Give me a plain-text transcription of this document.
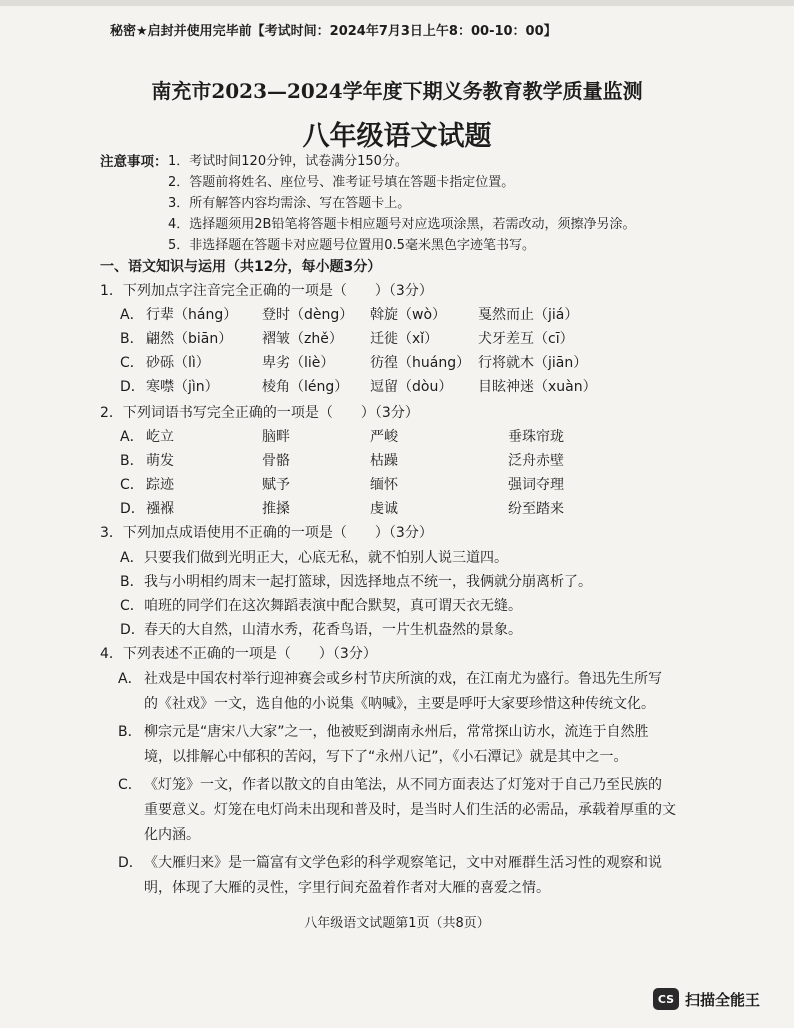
秘密★启封并使用完毕前【考试时间：2024年7月3日上午8：00-10：00】
南充市2023—2024学年度下期义务教育教学质量监测
八年级语文试题
注意事项： 1．考试时间120分钟，试卷满分150分。
2．答题前将姓名、座位号、准考证号填在答题卡指定位置。
3．所有解答内容均需涂、写在答题卡上。
4．选择题须用2B铅笔将答题卡相应题号对应选项涂黑，若需改动，须擦净另涂。
5．非选择题在答题卡对应题号位置用0.5毫米黑色字迹笔书写。
一、语文知识与运用（共12分，每小题3分）
1．下列加点字注音完全正确的一项是（　　）（3分）
A． 行辈（háng） 登时（dèng） 斡旋（wò） 戛然而止（jiá）
B． 翩然（biān） 褶皱（zhě） 迁徙（xǐ）	犬牙差互（cī）
C． 砂砾（lì）	卑劣（liè）	彷徨（huáng） 行将就木（jiān）
D． 寒噤（jìn）	棱角（léng） 逗留（dòu） 目眩神迷（xuàn）
2．下列词语书写完全正确的一项是（　　）（3分）
A． 屹立	脑畔	严峻	垂珠帘珑
B． 萌发	骨骼	枯躁	泛舟赤壁
C． 踪迹	赋予	缅怀	强词夺理
D． 襁褓	推搡	虔诚	纷至踏来
3．下列加点成语使用不正确的一项是（　　）（3分）
A． 只要我们做到光明正大，心底无私，就不怕别人说三道四。
B． 我与小明相约周末一起打篮球，因选择地点不统一，我俩就分崩离析了。
C． 咱班的同学们在这次舞蹈表演中配合默契，真可谓天衣无缝。
D． 春天的大自然，山清水秀，花香鸟语，一片生机盎然的景象。
4．下列表述不正确的一项是（　　）（3分）
A． 社戏是中国农村举行迎神赛会或乡村节庆所演的戏，在江南尤为盛行。鲁迅先生所写
的《社戏》一文，选自他的小说集《呐喊》，主要是呼吁大家要珍惜这种传统文化。
B． 柳宗元是“唐宋八大家”之一，他被贬到湖南永州后，常常探山访水，流连于自然胜
境，以排解心中郁积的苦闷，写下了“永州八记”，《小石潭记》就是其中之一。
C． 《灯笼》一文，作者以散文的自由笔法，从不同方面表达了灯笼对于自己乃至民族的
重要意义。灯笼在电灯尚未出现和普及时，是当时人们生活的必需品，承载着厚重的文
化内涵。
D． 《大雁归来》是一篇富有文学色彩的科学观察笔记，文中对雁群生活习性的观察和说
明，体现了大雁的灵性，字里行间充盈着作者对大雁的喜爱之情。
八年级语文试题第1页（共8页）
CS 扫描全能王
